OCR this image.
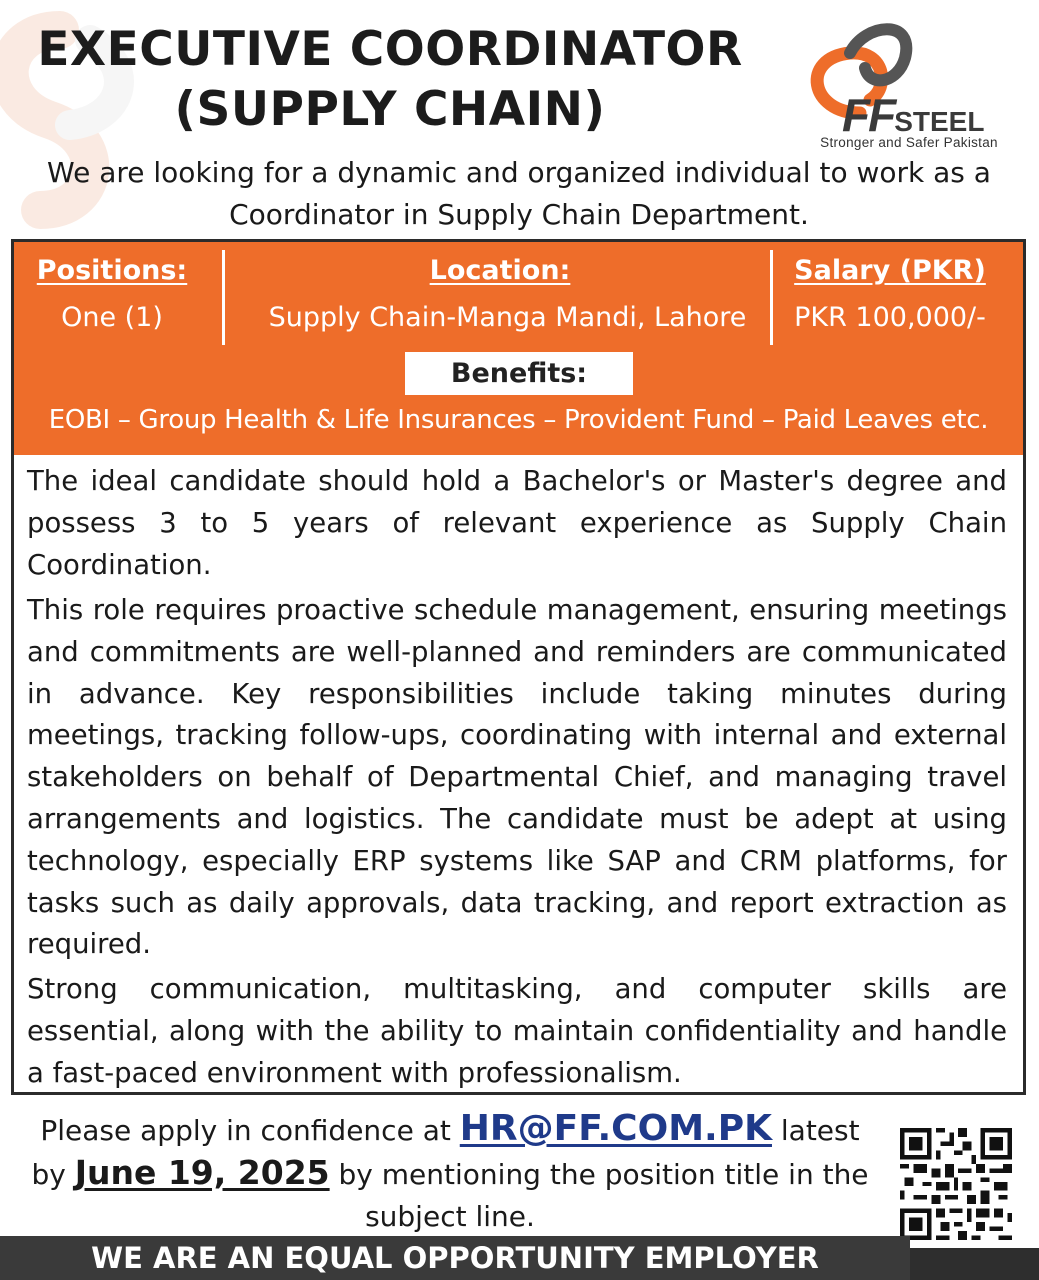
EXECUTIVE COORDINATOR
(SUPPLY CHAIN)	FFSTEEL
Stronger and Safer Pakistan
We are looking for a dynamic and organized individual to work as a Coordinator in Supply Chain Department.
Positions:
One (1)
Location:
Supply Chain-Manga Mandi, Lahore
Salary (PKR)
PKR 100,000/-
Benefits:
EOBI – Group Health & Life Insurances – Provident Fund – Paid Leaves etc.

The ideal candidate should hold a Bachelor's or Master's degree and possess 3 to 5 years of relevant experience as Supply Chain Coordination.

This role requires proactive schedule management, ensuring meetings and commitments are well-planned and reminders are communicated in advance. Key responsibilities include taking minutes during meetings, tracking follow-ups, coordinating with internal and external stakeholders on behalf of Departmental Chief, and managing travel arrangements and logistics. The candidate must be adept at using technology, especially ERP systems like SAP and CRM platforms, for tasks such as daily approvals, data tracking, and report extraction as required.

Strong communication, multitasking, and computer skills are essential, along with the ability to maintain confidentiality and handle a fast-paced environment with professionalism.

Please apply in confidence at HR@FF.COM.PK latest by June 19, 2025 by mentioning the position title in the subject line.
WE ARE AN EQUAL OPPORTUNITY EMPLOYER
